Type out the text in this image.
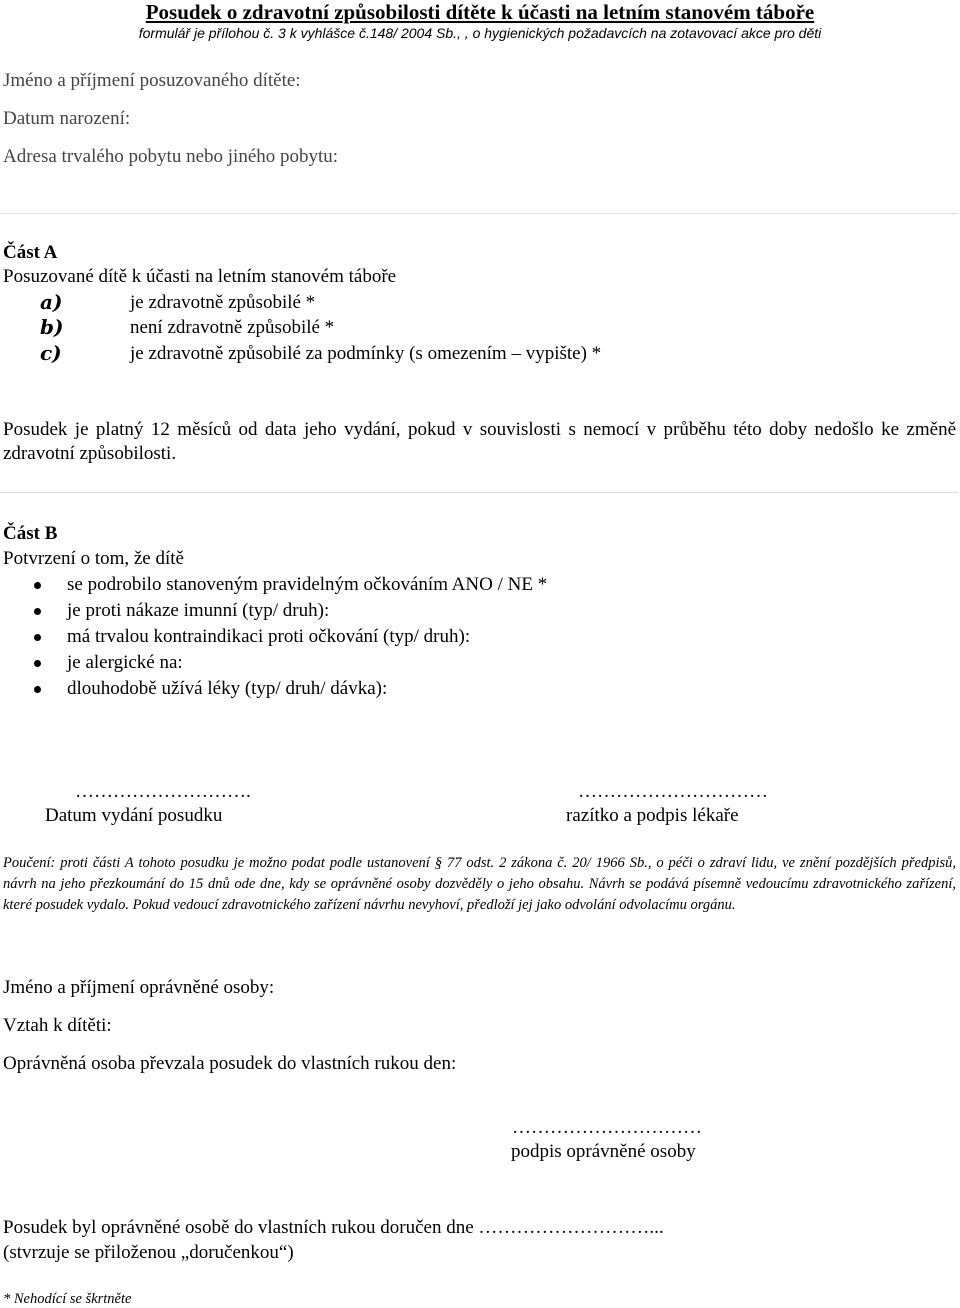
Posudek o zdravotní způsobilosti dítěte k účasti na letním stanovém táboře
formulář je přílohou č. 3 k vyhlášce č.148/ 2004 Sb., , o hygienických požadavcích na zotavovací akce pro děti
Jméno a příjmení posuzovaného dítěte:
Datum narození:
Adresa trvalého pobytu nebo jiného pobytu:
Část A
Posuzované dítě k účasti na letním stanovém táboře
a)	je zdravotně způsobilé *
b)	není zdravotně způsobilé *
c)	je zdravotně způsobilé za podmínky (s omezením – vypište) *
Posudek je platný 12 měsíců od data jeho vydání, pokud v souvislosti s nemocí v průběhu této doby nedošlo ke změně zdravotní způsobilosti.
Část B
Potvrzení o tom, že dítě
se podrobilo stanoveným pravidelným očkováním ANO / NE *
je proti nákaze imunní (typ/ druh):
má trvalou kontraindikaci proti očkování (typ/ druh):
je alergické na:
dlouhodobě užívá léky (typ/ druh/ dávka):
……………………….
Datum vydání posudku
…………………………
razítko a podpis lékaře
Poučení: proti části A tohoto posudku je možno podat podle ustanovení § 77 odst. 2 zákona č. 20/ 1966 Sb., o péči o zdraví lidu, ve znění pozdějších předpisů, návrh na jeho přezkoumání do 15 dnů ode dne, kdy se oprávněné osoby dozvěděly o jeho obsahu. Návrh se podává písemně vedoucímu zdravotnického zařízení, které posudek vydalo. Pokud vedoucí zdravotnického zařízení návrhu nevyhoví, předloží jej jako odvolání odvolacímu orgánu.
Jméno a příjmení oprávněné osoby:
Vztah k dítěti:
Oprávněná osoba převzala posudek do vlastních rukou den:
…………………………
podpis oprávněné osoby
Posudek byl oprávněné osobě do vlastních rukou doručen dne ………………………...
(stvrzuje se přiloženou „doručenkou“)
* Nehodící se škrtněte
